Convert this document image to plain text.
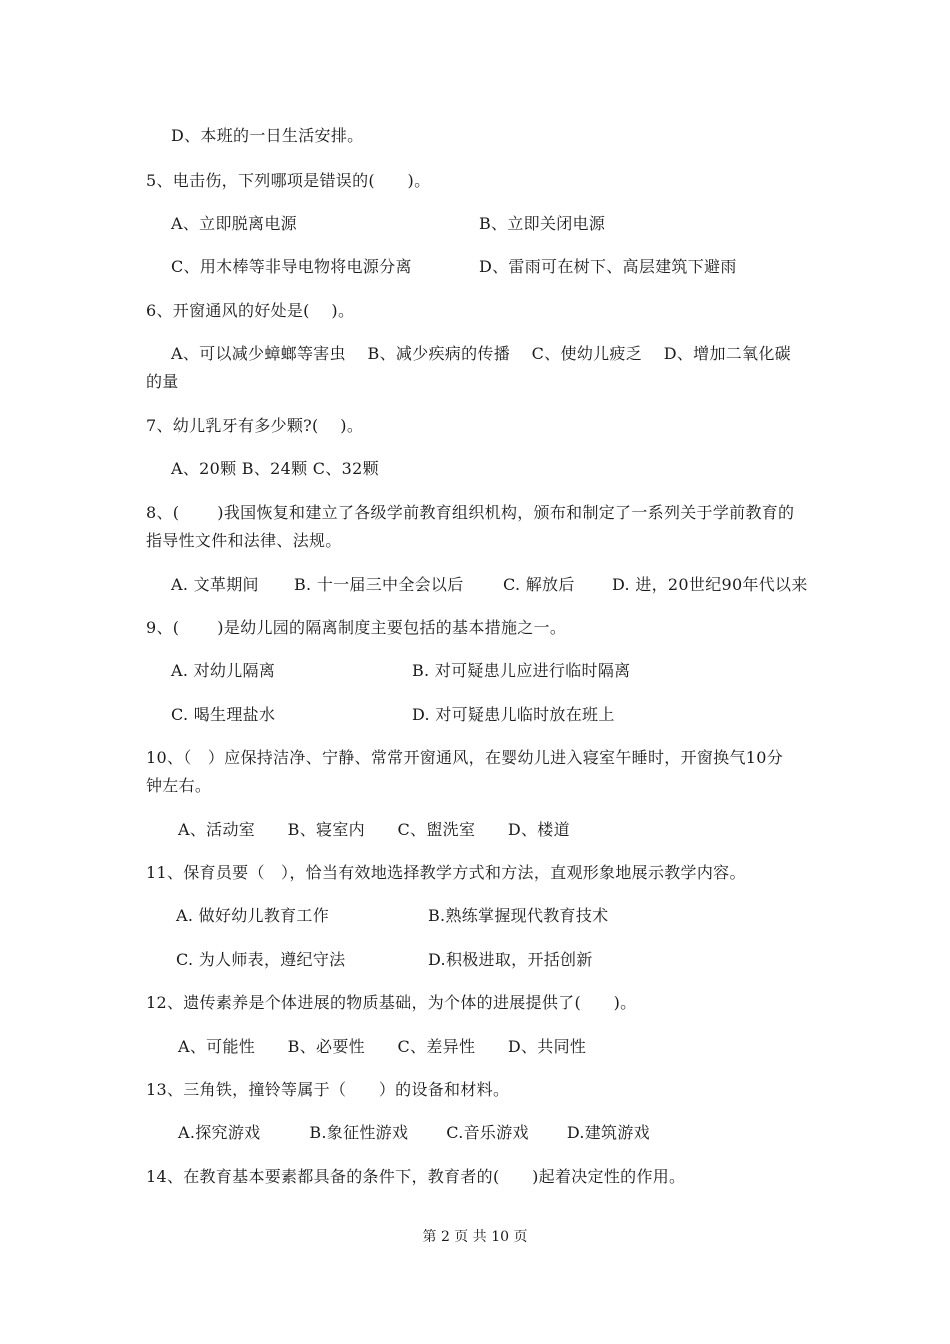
D、本班的一日生活安排。
5、电击伤，下列哪项是错误的(　　)。
A、立即脱离电源	B、立即关闭电源
C、用木棒等非导电物将电源分离	D、雷雨可在树下、高层建筑下避雨
6、开窗通风的好处是(　 )。
A、可以减少蟑螂等害虫　 B、减少疾病的传播　 C、使幼儿疲乏　 D、增加二氧化碳
的量
7、幼儿乳牙有多少颗?(　 )。
A、20颗 B、24颗 C、32颗
8、(　　 )我国恢复和建立了各级学前教育组织机构，颁布和制定了一系列关于学前教育的
指导性文件和法律、法规。
A. 文革期间 B. 十一届三中全会以后 C. 解放后 D. 进，20世纪90年代以来
9、(　　 )是幼儿园的隔离制度主要包括的基本措施之一。
A. 对幼儿隔离	B. 对可疑患儿应进行临时隔离
C. 喝生理盐水	D. 对可疑患儿临时放在班上
10、（　）应保持洁净、宁静、常常开窗通风，在婴幼儿进入寝室午睡时，开窗换气10分
钟左右。
A、活动室　　B、寝室内　　C、盥洗室　　D、楼道
11、保育员要（　），恰当有效地选择教学方式和方法，直观形象地展示教学内容。
A. 做好幼儿教育工作	B.熟练掌握现代教育技术
C. 为人师表，遵纪守法	D.积极进取，开括创新
12、遗传素养是个体进展的物质基础，为个体的进展提供了(　　)。
A、可能性　　B、必要性　　C、差异性　　D、共同性
13、三角铁，撞铃等属于（　　）的设备和材料。
A.探究游戏　　　B.象征性游戏　　 C.音乐游戏　　 D.建筑游戏
14、在教育基本要素都具备的条件下，教育者的(　　)起着决定性的作用。
第 2 页 共 10 页
